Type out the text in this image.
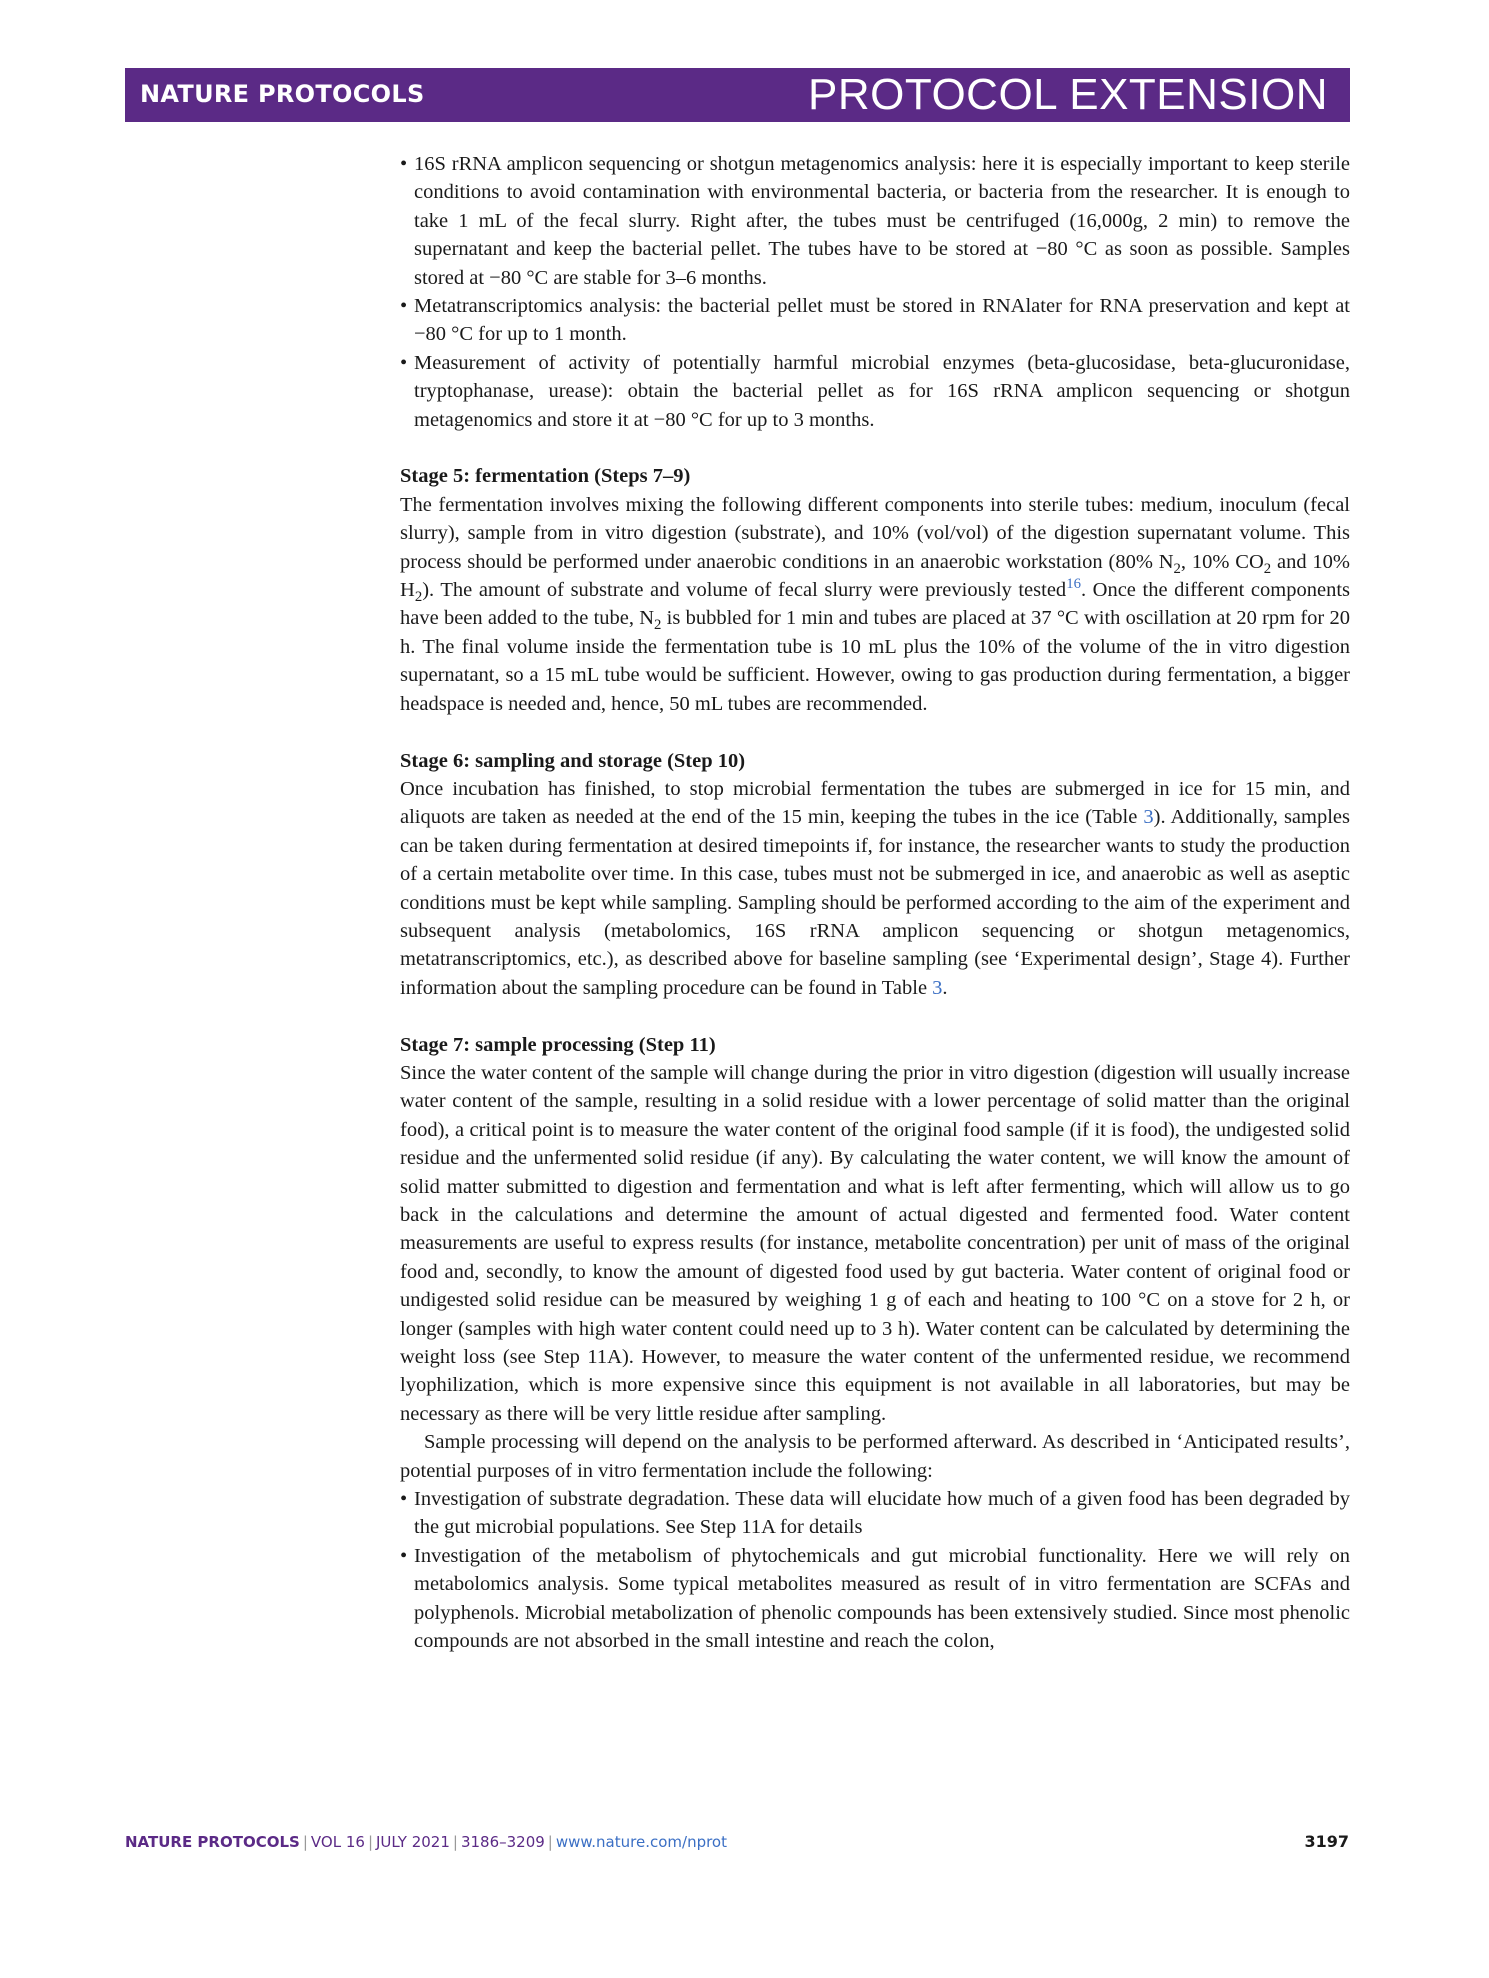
NATURE PROTOCOLS	PROTOCOL EXTENSION
• 16S rRNA amplicon sequencing or shotgun metagenomics analysis: here it is especially important to keep sterile conditions to avoid contamination with environmental bacteria, or bacteria from the researcher. It is enough to take 1 mL of the fecal slurry. Right after, the tubes must be centrifuged (16,000g, 2 min) to remove the supernatant and keep the bacterial pellet. The tubes have to be stored at −80 °C as soon as possible. Samples stored at −80 °C are stable for 3–6 months.
• Metatranscriptomics analysis: the bacterial pellet must be stored in RNAlater for RNA preservation and kept at −80 °C for up to 1 month.
• Measurement of activity of potentially harmful microbial enzymes (beta-glucosidase, beta-glucuronidase, tryptophanase, urease): obtain the bacterial pellet as for 16S rRNA amplicon sequencing or shotgun metagenomics and store it at −80 °C for up to 3 months.
Stage 5: fermentation (Steps 7–9)

The fermentation involves mixing the following different components into sterile tubes: medium, inoculum (fecal slurry), sample from in vitro digestion (substrate), and 10% (vol/vol) of the digestion supernatant volume. This process should be performed under anaerobic conditions in an anaerobic workstation (80% $N_2$, 10% $CO_2$ and 10% $H_2$). The amount of substrate and volume of fecal slurry were previously tested$^{16}$. Once the different components have been added to the tube, $N_2$ is bubbled for 1 min and tubes are placed at 37 °C with oscillation at 20 rpm for 20 h. The final volume inside the fermentation tube is 10 mL plus the 10% of the volume of the in vitro digestion supernatant, so a 15 mL tube would be sufficient. However, owing to gas production during fermentation, a bigger headspace is needed and, hence, 50 mL tubes are recommended.

Stage 6: sampling and storage (Step 10)

Once incubation has finished, to stop microbial fermentation the tubes are submerged in ice for 15 min, and aliquots are taken as needed at the end of the 15 min, keeping the tubes in the ice (Table 3). Additionally, samples can be taken during fermentation at desired timepoints if, for instance, the researcher wants to study the production of a certain metabolite over time. In this case, tubes must not be submerged in ice, and anaerobic as well as aseptic conditions must be kept while sampling. Sampling should be performed according to the aim of the experiment and subsequent analysis (metabolomics, 16S rRNA amplicon sequencing or shotgun metagenomics, metatranscriptomics, etc.), as described above for baseline sampling (see ‘Experimental design’, Stage 4). Further information about the sampling procedure can be found in Table 3.

Stage 7: sample processing (Step 11)

Since the water content of the sample will change during the prior in vitro digestion (digestion will usually increase water content of the sample, resulting in a solid residue with a lower percentage of solid matter than the original food), a critical point is to measure the water content of the original food sample (if it is food), the undigested solid residue and the unfermented solid residue (if any). By calculating the water content, we will know the amount of solid matter submitted to digestion and fermentation and what is left after fermenting, which will allow us to go back in the calculations and determine the amount of actual digested and fermented food. Water content measurements are useful to express results (for instance, metabolite concentration) per unit of mass of the original food and, secondly, to know the amount of digested food used by gut bacteria. Water content of original food or undigested solid residue can be measured by weighing 1 g of each and heating to 100 °C on a stove for 2 h, or longer (samples with high water content could need up to 3 h). Water content can be calculated by determining the weight loss (see Step 11A). However, to measure the water content of the unfermented residue, we recommend lyophilization, which is more expensive since this equipment is not available in all laboratories, but may be necessary as there will be very little residue after sampling.

Sample processing will depend on the analysis to be performed afterward. As described in ‘Anticipated results’, potential purposes of in vitro fermentation include the following:

• Investigation of substrate degradation. These data will elucidate how much of a given food has been degraded by the gut microbial populations. See Step 11A for details
• Investigation of the metabolism of phytochemicals and gut microbial functionality. Here we will rely on metabolomics analysis. Some typical metabolites measured as result of in vitro fermentation are SCFAs and polyphenols. Microbial metabolization of phenolic compounds has been extensively studied. Since most phenolic compounds are not absorbed in the small intestine and reach the colon,
NATURE PROTOCOLS | VOL 16 | JULY 2021 | 3186–3209 | www.nature.com/nprot	3197
